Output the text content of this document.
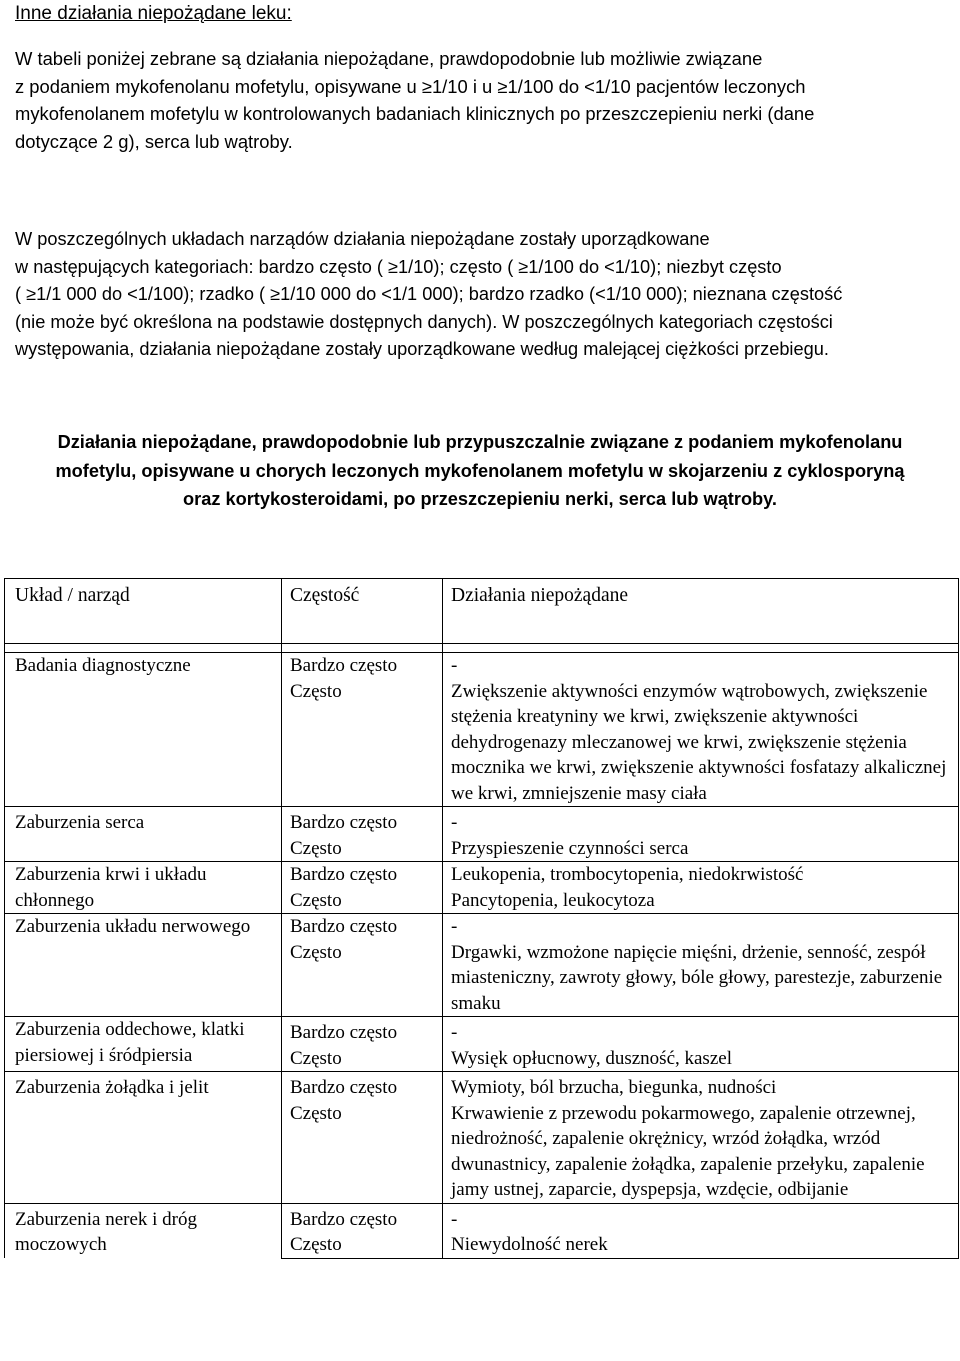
Inne działania niepożądane leku:

W tabeli poniżej zebrane są działania niepożądane, prawdopodobnie lub możliwie związane
z podaniem mykofenolanu mofetylu, opisywane u ≥1/10 i u ≥1/100 do <1/10 pacjentów leczonych
mykofenolanem mofetylu w kontrolowanych badaniach klinicznych po przeszczepieniu nerki (dane
dotyczące 2 g), serca lub wątroby.

W poszczególnych układach narządów działania niepożądane zostały uporządkowane
w następujących kategoriach: bardzo często ( ≥1/10); często ( ≥1/100 do <1/10); niezbyt często
( ≥1/1 000 do <1/100); rzadko ( ≥1/10 000 do <1/1 000); bardzo rzadko (<1/10 000); nieznana częstość
(nie może być określona na podstawie dostępnych danych). W poszczególnych kategoriach częstości
występowania, działania niepożądane zostały uporządkowane według malejącej ciężkości przebiegu.

Działania niepożądane, prawdopodobnie lub przypuszczalnie związane z podaniem mykofenolanu
mofetylu, opisywane u chorych leczonych mykofenolanem mofetylu w skojarzeniu z cyklosporyną
oraz kortykosteroidami, po przeszczepieniu nerki, serca lub wątroby.

Układ / narząd	Częstość	Działania niepożądane

Badania diagnostyczne	Bardzo często	-
	Często	Zwiększenie aktywności enzymów wątrobowych, zwiększenie stężenia kreatyniny we krwi, zwiększenie aktywności dehydrogenazy mleczanowej we krwi, zwiększenie stężenia mocznika we krwi, zwiększenie aktywności fosfatazy alkalicznej we krwi, zmniejszenie masy ciała
Zaburzenia serca	Bardzo często	-
	Często	Przyspieszenie czynności serca
Zaburzenia krwi i układu chłonnego	Bardzo często	Leukopenia, trombocytopenia, niedokrwistość
	Często	Pancytopenia, leukocytoza
Zaburzenia układu nerwowego	Bardzo często	-
	Często	Drgawki, wzmożone napięcie mięśni, drżenie, senność, zespół miasteniczny, zawroty głowy, bóle głowy, parestezje, zaburzenie smaku
Zaburzenia oddechowe, klatki piersiowej i śródpiersia	Bardzo często	-
	Często	Wysięk opłucnowy, duszność, kaszel
Zaburzenia żołądka i jelit	Bardzo często	Wymioty, ból brzucha, biegunka, nudności
	Często	Krwawienie z przewodu pokarmowego, zapalenie otrzewnej, niedrożność, zapalenie okrężnicy, wrzód żołądka, wrzód dwunastnicy, zapalenie żołądka, zapalenie przełyku, zapalenie jamy ustnej, zaparcie, dyspepsja, wzdęcie, odbijanie
Zaburzenia nerek i dróg moczowych	Bardzo często	-
	Często	Niewydolność nerek
